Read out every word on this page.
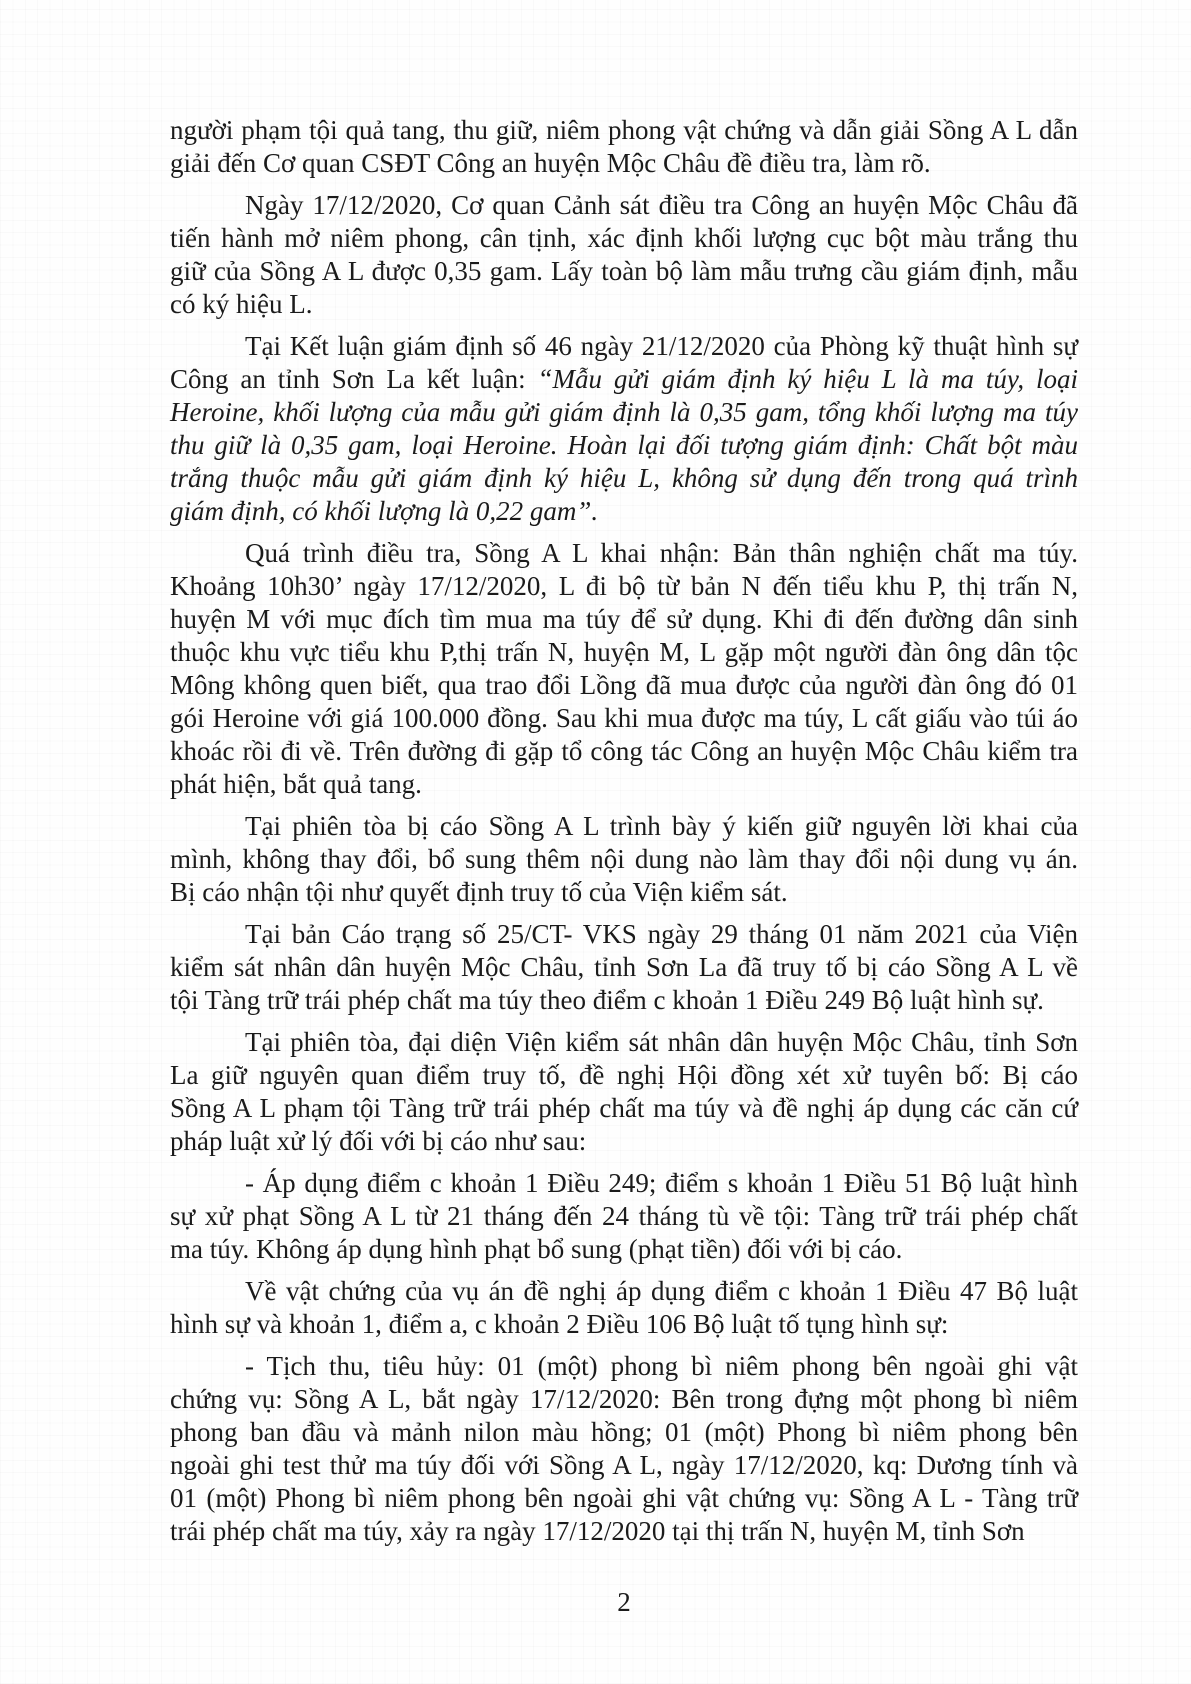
người phạm tội quả tang, thu giữ, niêm phong vật chứng và dẫn giải Sồng A L dẫn
giải đến Cơ quan CSĐT Công an huyện Mộc Châu đề điều tra, làm rõ.
Ngày 17/12/2020, Cơ quan Cảnh sát điều tra Công an huyện Mộc Châu đã
tiến hành mở niêm phong, cân tịnh, xác định khối lượng cục bột màu trắng thu
giữ của Sồng A L được 0,35 gam. Lấy toàn bộ làm mẫu trưng cầu giám định, mẫu
có ký hiệu L.
Tại Kết luận giám định số 46 ngày 21/12/2020 của Phòng kỹ thuật hình sự
Công an tỉnh Sơn La kết luận: “Mẫu gửi giám định ký hiệu L là ma túy, loại
Heroine, khối lượng của mẫu gửi giám định là 0,35 gam, tổng khối lượng ma túy
thu giữ là 0,35 gam, loại Heroine. Hoàn lại đối tượng giám định: Chất bột màu
trắng thuộc mẫu gửi giám định ký hiệu L, không sử dụng đến trong quá trình
giám định, có khối lượng là 0,22 gam”.
Quá trình điều tra, Sồng A L khai nhận: Bản thân nghiện chất ma túy.
Khoảng 10h30’ ngày 17/12/2020, L đi bộ từ bản N đến tiểu khu P, thị trấn N,
huyện M với mục đích tìm mua ma túy để sử dụng. Khi đi đến đường dân sinh
thuộc khu vực tiểu khu P,thị trấn N, huyện M, L gặp một người đàn ông dân tộc
Mông không quen biết, qua trao đổi Lồng đã mua được của người đàn ông đó 01
gói Heroine với giá 100.000 đồng. Sau khi mua được ma túy, L cất giấu vào túi áo
khoác rồi đi về. Trên đường đi gặp tổ công tác Công an huyện Mộc Châu kiểm tra
phát hiện, bắt quả tang.
Tại phiên tòa bị cáo Sồng A L trình bày ý kiến giữ nguyên lời khai của
mình, không thay đổi, bổ sung thêm nội dung nào làm thay đổi nội dung vụ án.
Bị cáo nhận tội như quyết định truy tố của Viện kiểm sát.
Tại bản Cáo trạng số 25/CT- VKS ngày 29 tháng 01 năm 2021 của Viện
kiểm sát nhân dân huyện Mộc Châu, tỉnh Sơn La đã truy tố bị cáo Sồng A L về
tội Tàng trữ trái phép chất ma túy theo điểm c khoản 1 Điều 249 Bộ luật hình sự.
Tại phiên tòa, đại diện Viện kiểm sát nhân dân huyện Mộc Châu, tỉnh Sơn
La giữ nguyên quan điểm truy tố, đề nghị Hội đồng xét xử tuyên bố: Bị cáo
Sồng A L phạm tội Tàng trữ trái phép chất ma túy và đề nghị áp dụng các căn cứ
pháp luật xử lý đối với bị cáo như sau:
- Áp dụng điểm c khoản 1 Điều 249; điểm s khoản 1 Điều 51 Bộ luật hình
sự xử phạt Sồng A L từ 21 tháng đến 24 tháng tù về tội: Tàng trữ trái phép chất
ma túy. Không áp dụng hình phạt bổ sung (phạt tiền) đối với bị cáo.
Về vật chứng của vụ án đề nghị áp dụng điểm c khoản 1 Điều 47 Bộ luật
hình sự và khoản 1, điểm a, c khoản 2 Điều 106 Bộ luật tố tụng hình sự:
- Tịch thu, tiêu hủy: 01 (một) phong bì niêm phong bên ngoài ghi vật
chứng vụ: Sồng A L, bắt ngày 17/12/2020: Bên trong đựng một phong bì niêm
phong ban đầu và mảnh nilon màu hồng; 01 (một) Phong bì niêm phong bên
ngoài ghi test thử ma túy đối với Sồng A L, ngày 17/12/2020, kq: Dương tính và
01 (một) Phong bì niêm phong bên ngoài ghi vật chứng vụ: Sồng A L - Tàng trữ
trái phép chất ma túy, xảy ra ngày 17/12/2020 tại thị trấn N, huyện M, tỉnh Sơn
2
